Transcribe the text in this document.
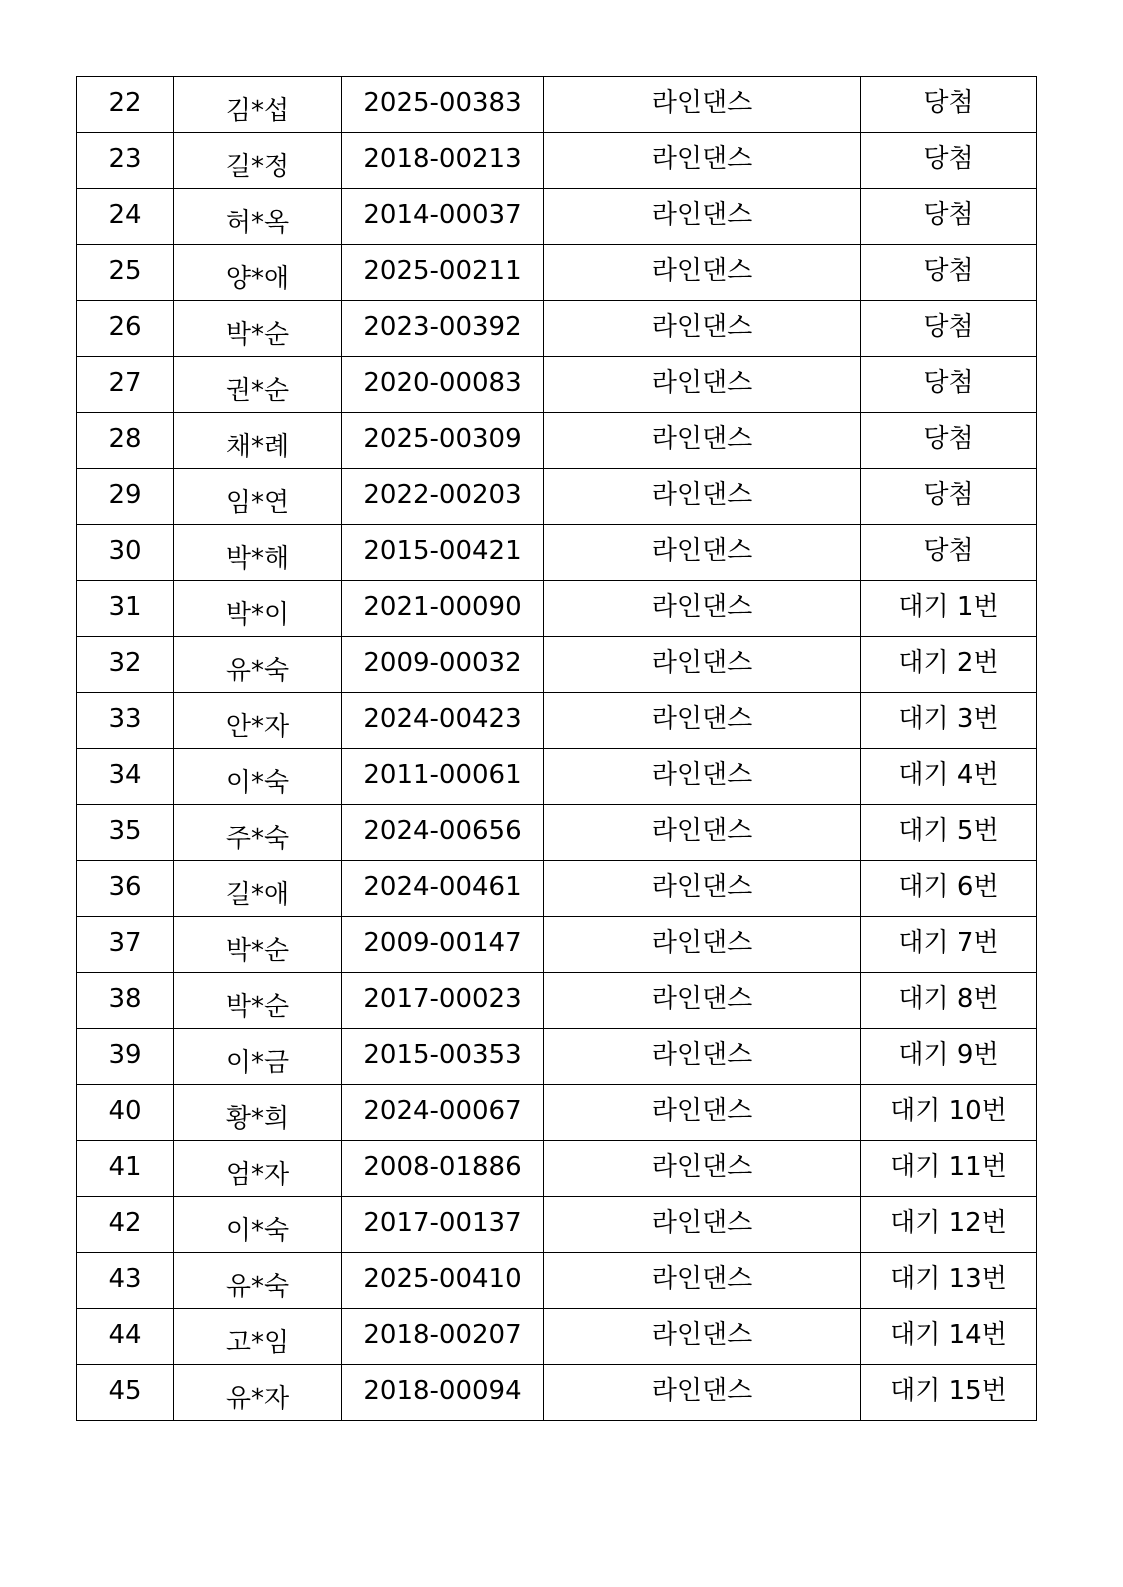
22	김*섭	2025-00383	라인댄스	당첨
23	길*정	2018-00213	라인댄스	당첨
24	허*옥	2014-00037	라인댄스	당첨
25	양*애	2025-00211	라인댄스	당첨
26	박*순	2023-00392	라인댄스	당첨
27	권*순	2020-00083	라인댄스	당첨
28	채*례	2025-00309	라인댄스	당첨
29	임*연	2022-00203	라인댄스	당첨
30	박*해	2015-00421	라인댄스	당첨
31	박*이	2021-00090	라인댄스	대기 1번
32	유*숙	2009-00032	라인댄스	대기 2번
33	안*자	2024-00423	라인댄스	대기 3번
34	이*숙	2011-00061	라인댄스	대기 4번
35	주*숙	2024-00656	라인댄스	대기 5번
36	길*애	2024-00461	라인댄스	대기 6번
37	박*순	2009-00147	라인댄스	대기 7번
38	박*순	2017-00023	라인댄스	대기 8번
39	이*금	2015-00353	라인댄스	대기 9번
40	황*희	2024-00067	라인댄스	대기 10번
41	엄*자	2008-01886	라인댄스	대기 11번
42	이*숙	2017-00137	라인댄스	대기 12번
43	유*숙	2025-00410	라인댄스	대기 13번
44	고*임	2018-00207	라인댄스	대기 14번
45	유*자	2018-00094	라인댄스	대기 15번
